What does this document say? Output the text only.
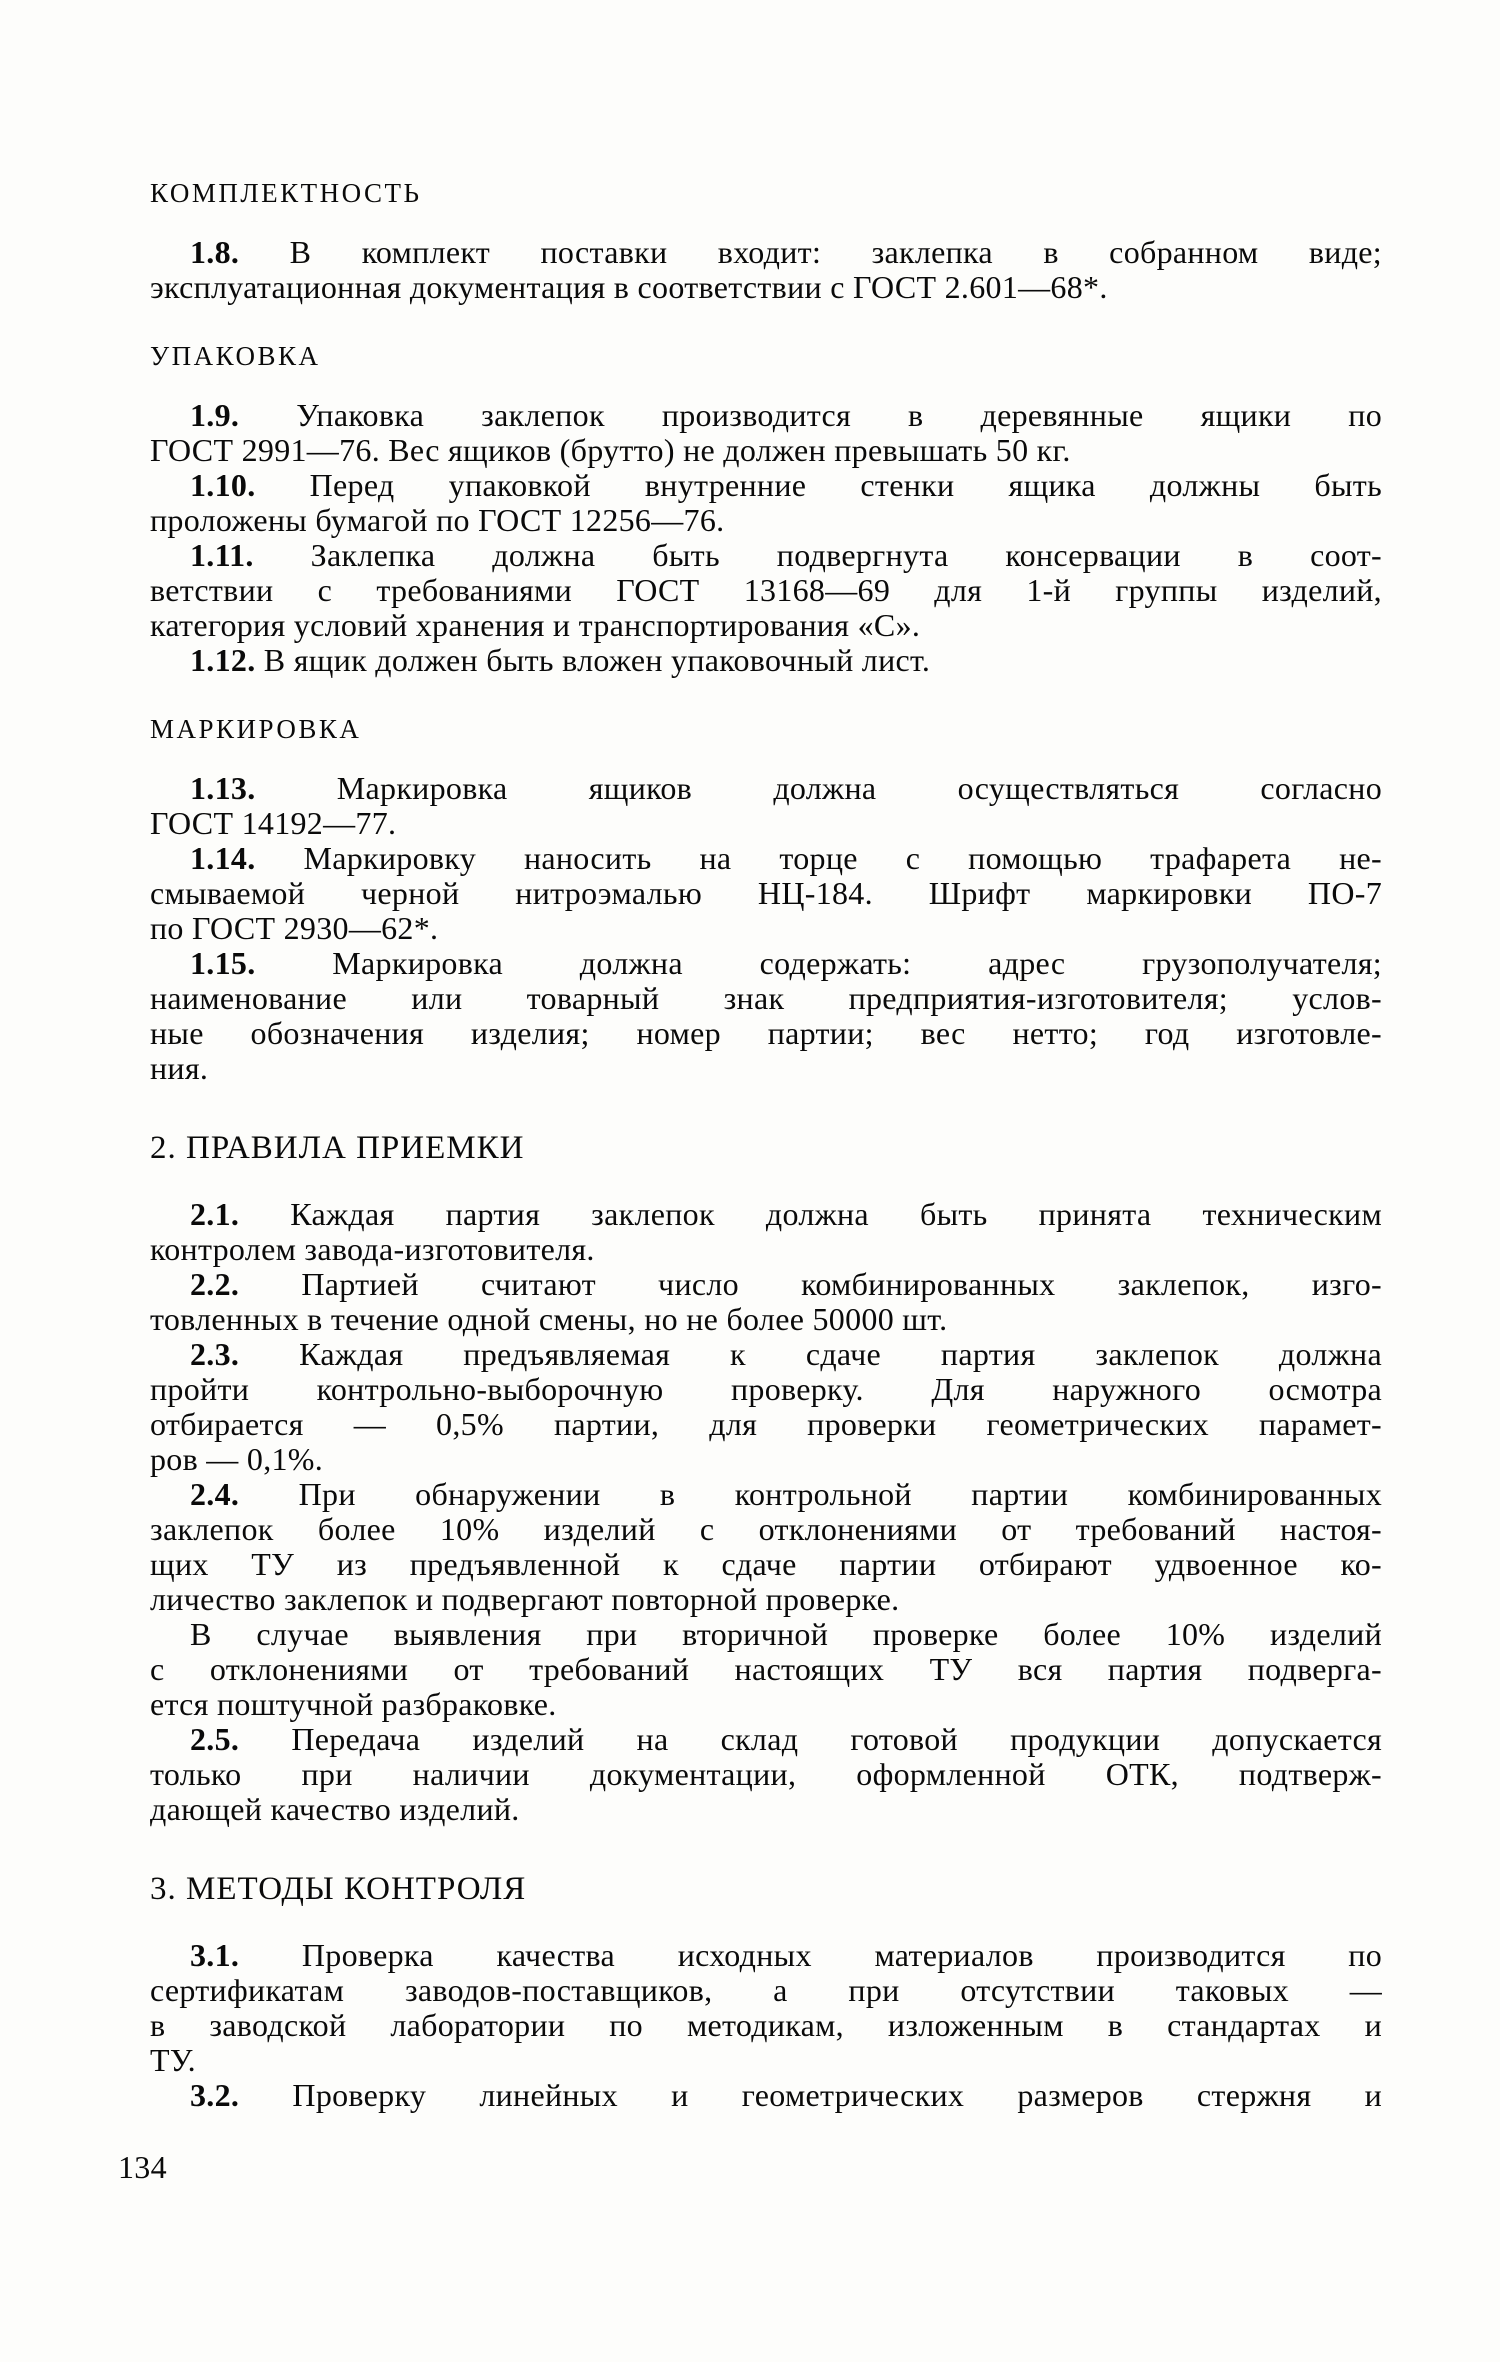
КОМПЛЕКТНОСТЬ
1.8. В комплект поставки входит: заклепка в собранном виде;
эксплуатационная документация в соответствии с ГОСТ 2.601—68*.
УПАКОВКА
1.9. Упаковка заклепок производится в деревянные ящики по
ГОСТ 2991—76. Вес ящиков (брутто) не должен превышать 50 кг.
1.10. Перед упаковкой внутренние стенки ящика должны быть
проложены бумагой по ГОСТ 12256—76.
1.11. Заклепка должна быть подвергнута консервации в соот-
ветствии с требованиями ГОСТ 13168—69 для 1-й группы изделий,
категория условий хранения и транспортирования «С».
1.12. В ящик должен быть вложен упаковочный лист.
МАРКИРОВКА
1.13. Маркировка ящиков должна осуществляться согласно
ГОСТ 14192—77.
1.14. Маркировку наносить на торце с помощью трафарета не-
смываемой черной нитроэмалью НЦ-184. Шрифт маркировки ПО-7
по ГОСТ 2930—62*.
1.15. Маркировка должна содержать: адрес грузополучателя;
наименование или товарный знак предприятия-изготовителя; услов-
ные обозначения изделия; номер партии; вес нетто; год изготовле-
ния.
2. ПРАВИЛА ПРИЕМКИ
2.1. Каждая партия заклепок должна быть принята техническим
контролем завода-изготовителя.
2.2. Партией считают число комбинированных заклепок, изго-
товленных в течение одной смены, но не более 50000 шт.
2.3. Каждая предъявляемая к сдаче партия заклепок должна
пройти контрольно-выборочную проверку. Для наружного осмотра
отбирается — 0,5% партии, для проверки геометрических парамет-
ров — 0,1%.
2.4. При обнаружении в контрольной партии комбинированных
заклепок более 10% изделий с отклонениями от требований настоя-
щих ТУ из предъявленной к сдаче партии отбирают удвоенное ко-
личество заклепок и подвергают повторной проверке.
В случае выявления при вторичной проверке более 10% изделий
с отклонениями от требований настоящих ТУ вся партия подверга-
ется поштучной разбраковке.
2.5. Передача изделий на склад готовой продукции допускается
только при наличии документации, оформленной ОТК, подтверж-
дающей качество изделий.
3. МЕТОДЫ КОНТРОЛЯ
3.1. Проверка качества исходных материалов производится по
сертификатам заводов-поставщиков, а при отсутствии таковых —
в заводской лаборатории по методикам, изложенным в стандартах и
ТУ.
3.2. Проверку линейных и геометрических размеров стержня и
134
